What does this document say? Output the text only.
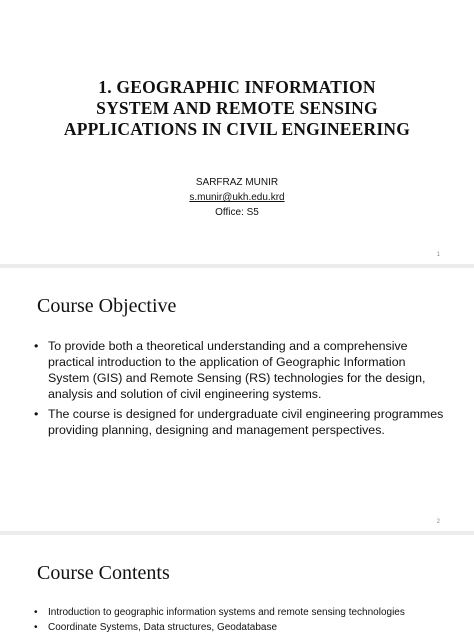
1. GEOGRAPHIC INFORMATION
SYSTEM AND REMOTE SENSING
APPLICATIONS IN CIVIL ENGINEERING
SARFRAZ MUNIR
s.munir@ukh.edu.krd
Office: S5
1
Course Objective
• To provide both a theoretical understanding and a comprehensive practical introduction to the application of Geographic Information System (GIS) and Remote Sensing (RS) technologies for the design, analysis and solution of civil engineering systems.
• The course is designed for undergraduate civil engineering programmes providing planning, designing and management perspectives.
2
Course Contents
• Introduction to geographic information systems and remote sensing technologies
• Coordinate Systems, Data structures, Geodatabase
